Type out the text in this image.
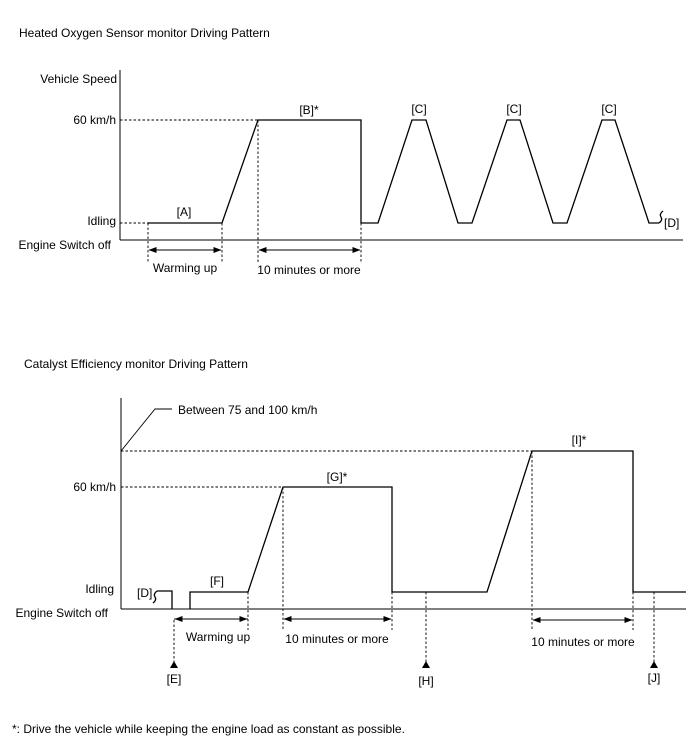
Heated Oxygen Sensor monitor Driving Pattern
Vehicle Speed
60 km/h
Idling
Engine Switch off
[A]
[B]*	[C]	[C]	[C]
[D]
Warming up	10 minutes or more
Catalyst Efficiency monitor Driving Pattern
Between 75 and 100 km/h
60 km/h
Idling
Engine Switch off
[D]
[F]
[G]*
[I]*
[E]
Warming up	10 minutes or more
[H]
10 minutes or more
[J]
*: Drive the vehicle while keeping the engine load as constant as possible.
